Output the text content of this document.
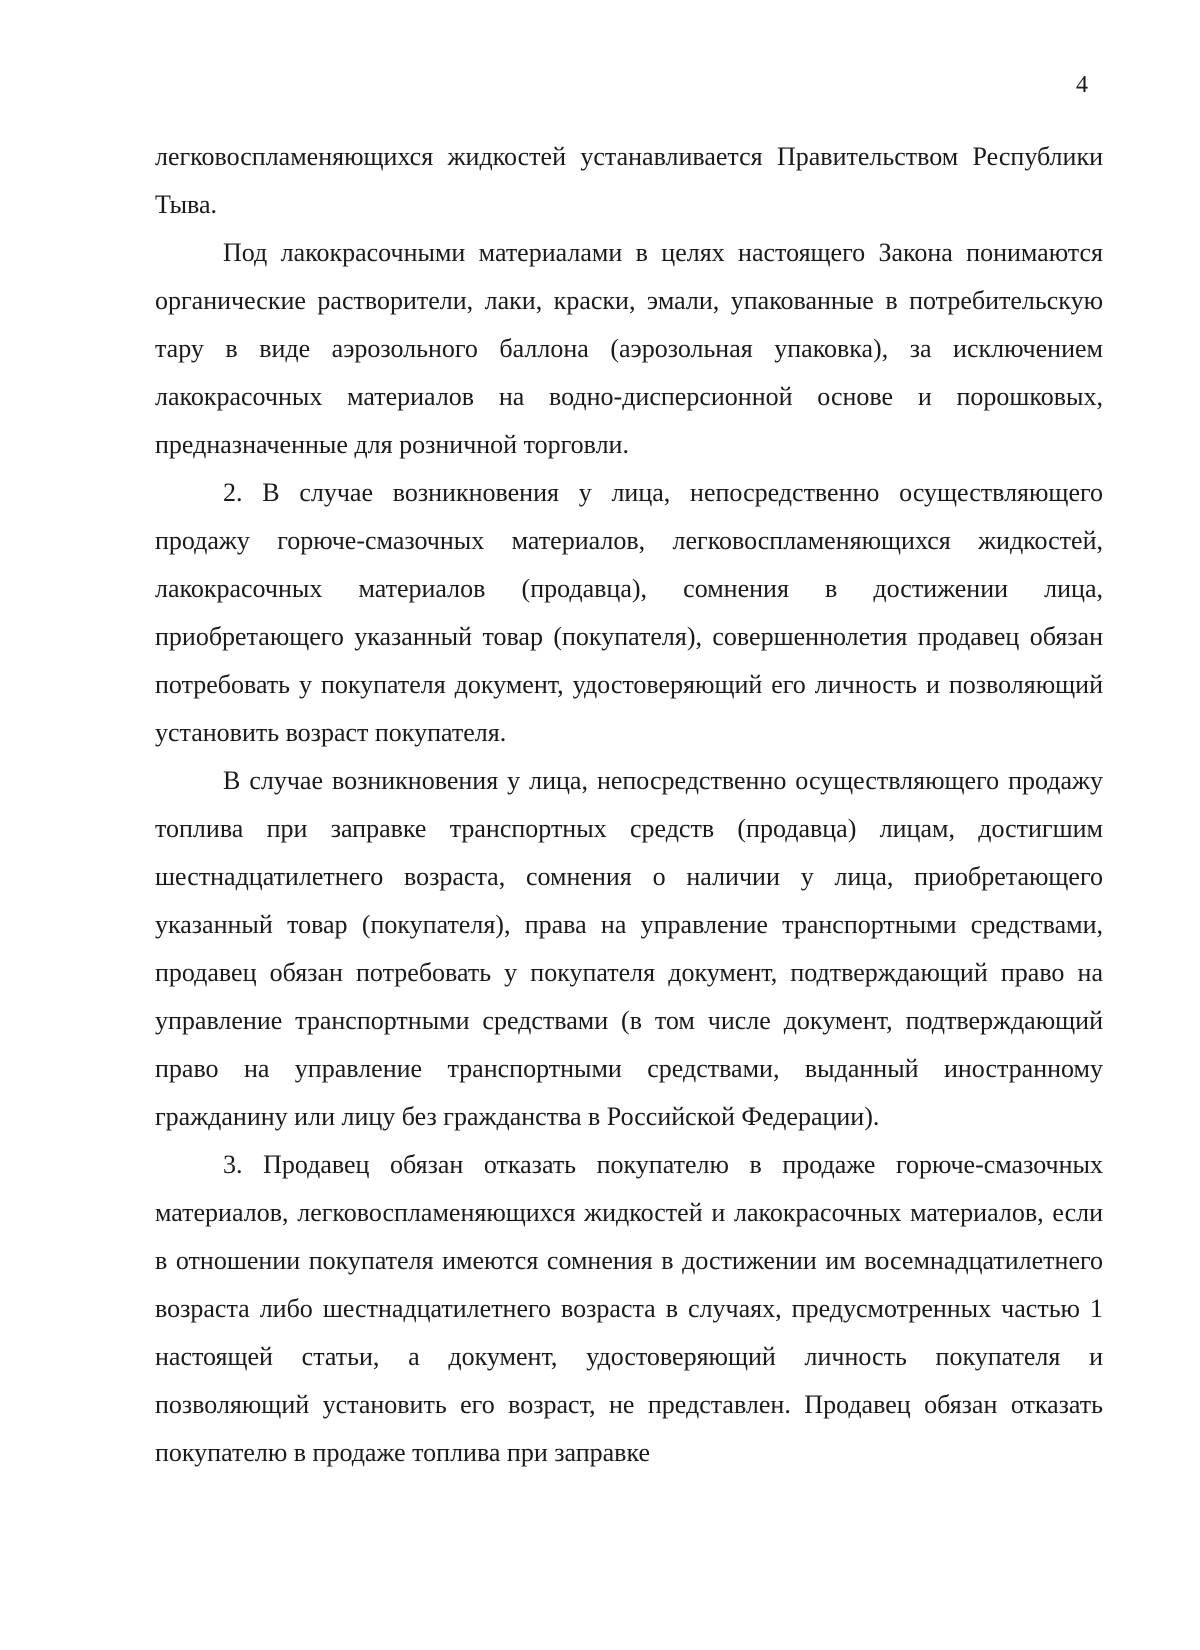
4

легковоспламеняющихся жидкостей устанавливается Правительством Республики Тыва.

Под лакокрасочными материалами в целях настоящего Закона понимаются органические растворители, лаки, краски, эмали, упакованные в потребительскую тару в виде аэрозольного баллона (аэрозольная упаковка), за исключением лакокрасочных материалов на водно-дисперсионной основе и порошковых, предназначенные для розничной торговли.

2. В случае возникновения у лица, непосредственно осуществляющего продажу горюче-смазочных материалов, легковоспламеняющихся жидкостей, лакокрасочных материалов (продавца), сомнения в достижении лица, приобретающего указанный товар (покупателя), совершеннолетия продавец обязан потребовать у покупателя документ, удостоверяющий его личность и позволяющий установить возраст покупателя.

В случае возникновения у лица, непосредственно осуществляющего продажу топлива при заправке транспортных средств (продавца) лицам, достигшим шестнадцатилетнего возраста, сомнения о наличии у лица, приобретающего указанный товар (покупателя), права на управление транспортными средствами, продавец обязан потребовать у покупателя документ, подтверждающий право на управление транспортными средствами (в том числе документ, подтверждающий право на управление транспортными средствами, выданный иностранному гражданину или лицу без гражданства в Российской Федерации).

3. Продавец обязан отказать покупателю в продаже горюче-смазочных материалов, легковоспламеняющихся жидкостей и лакокрасочных материалов, если в отношении покупателя имеются сомнения в достижении им восемнадцатилетнего возраста либо шестнадцатилетнего возраста в случаях, предусмотренных частью 1 настоящей статьи, а документ, удостоверяющий личность покупателя и позволяющий установить его возраст, не представлен. Продавец обязан отказать покупателю в продаже топлива при заправке
